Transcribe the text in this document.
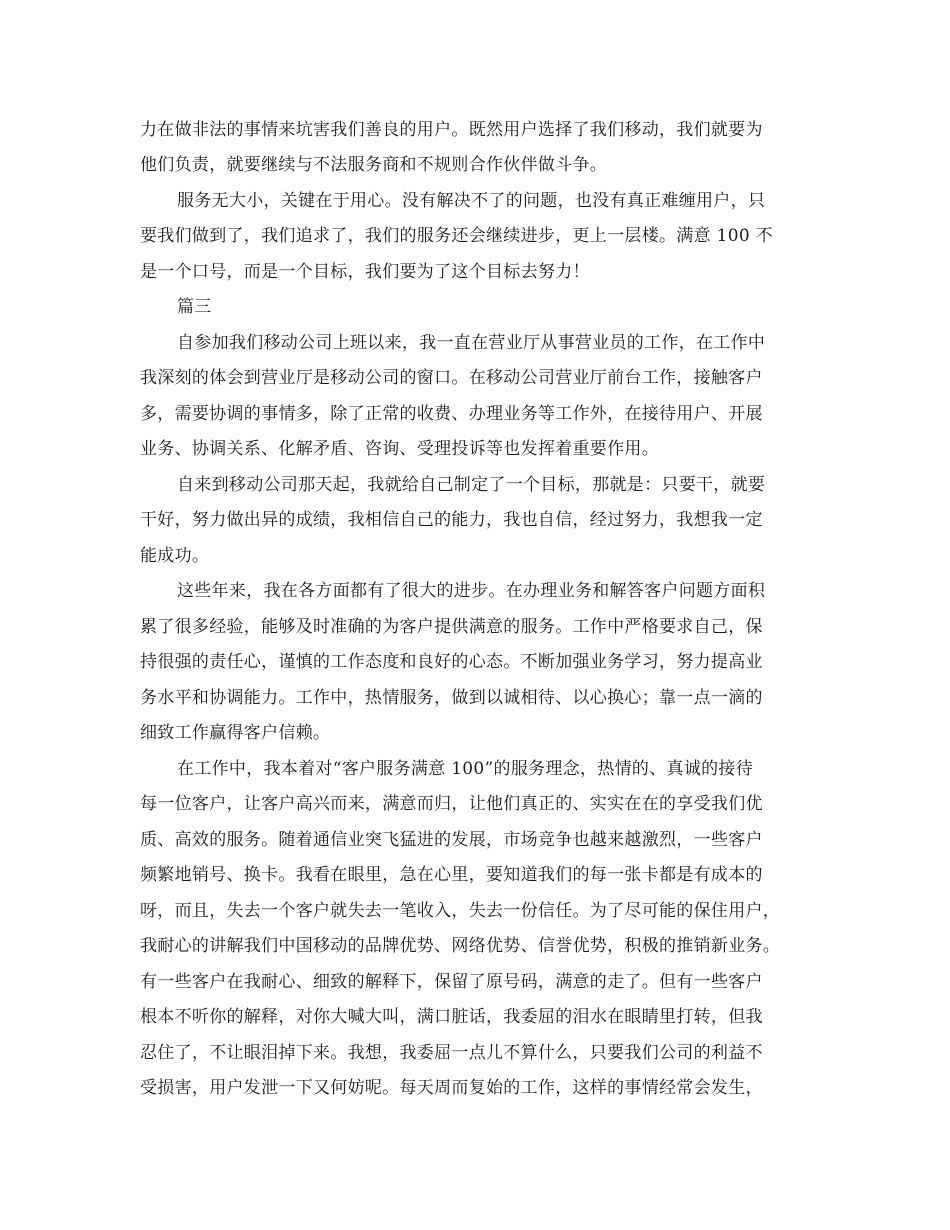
力在做非法的事情来坑害我们善良的用户。既然用户选择了我们移动，我们就要为

他们负责，就要继续与不法服务商和不规则合作伙伴做斗争。

服务无大小，关键在于用心。没有解决不了的问题，也没有真正难缠用户，只

要我们做到了，我们追求了，我们的服务还会继续进步，更上一层楼。满意 100 不

是一个口号，而是一个目标，我们要为了这个目标去努力！

篇三

自参加我们移动公司上班以来，我一直在营业厅从事营业员的工作，在工作中

我深刻的体会到营业厅是移动公司的窗口。在移动公司营业厅前台工作，接触客户

多，需要协调的事情多，除了正常的收费、办理业务等工作外，在接待用户、开展

业务、协调关系、化解矛盾、咨询、受理投诉等也发挥着重要作用。

自来到移动公司那天起，我就给自己制定了一个目标，那就是：只要干，就要

干好，努力做出异的成绩，我相信自己的能力，我也自信，经过努力，我想我一定

能成功。

这些年来，我在各方面都有了很大的进步。在办理业务和解答客户问题方面积

累了很多经验，能够及时准确的为客户提供满意的服务。工作中严格要求自己，保

持很强的责任心，谨慎的工作态度和良好的心态。不断加强业务学习，努力提高业

务水平和协调能力。工作中，热情服务，做到以诚相待、以心换心；靠一点一滴的

细致工作赢得客户信赖。

在工作中，我本着对“客户服务满意 100”的服务理念，热情的、真诚的接待

每一位客户，让客户高兴而来，满意而归，让他们真正的、实实在在的享受我们优

质、高效的服务。随着通信业突飞猛进的发展，市场竞争也越来越激烈，一些客户

频繁地销号、换卡。我看在眼里，急在心里，要知道我们的每一张卡都是有成本的

呀，而且，失去一个客户就失去一笔收入，失去一份信任。为了尽可能的保住用户，

我耐心的讲解我们中国移动的品牌优势、网络优势、信誉优势，积极的推销新业务。

有一些客户在我耐心、细致的解释下，保留了原号码，满意的走了。但有一些客户

根本不听你的解释，对你大喊大叫，满口脏话，我委屈的泪水在眼睛里打转，但我

忍住了，不让眼泪掉下来。我想，我委屈一点儿不算什么，只要我们公司的利益不

受损害，用户发泄一下又何妨呢。每天周而复始的工作，这样的事情经常会发生，
